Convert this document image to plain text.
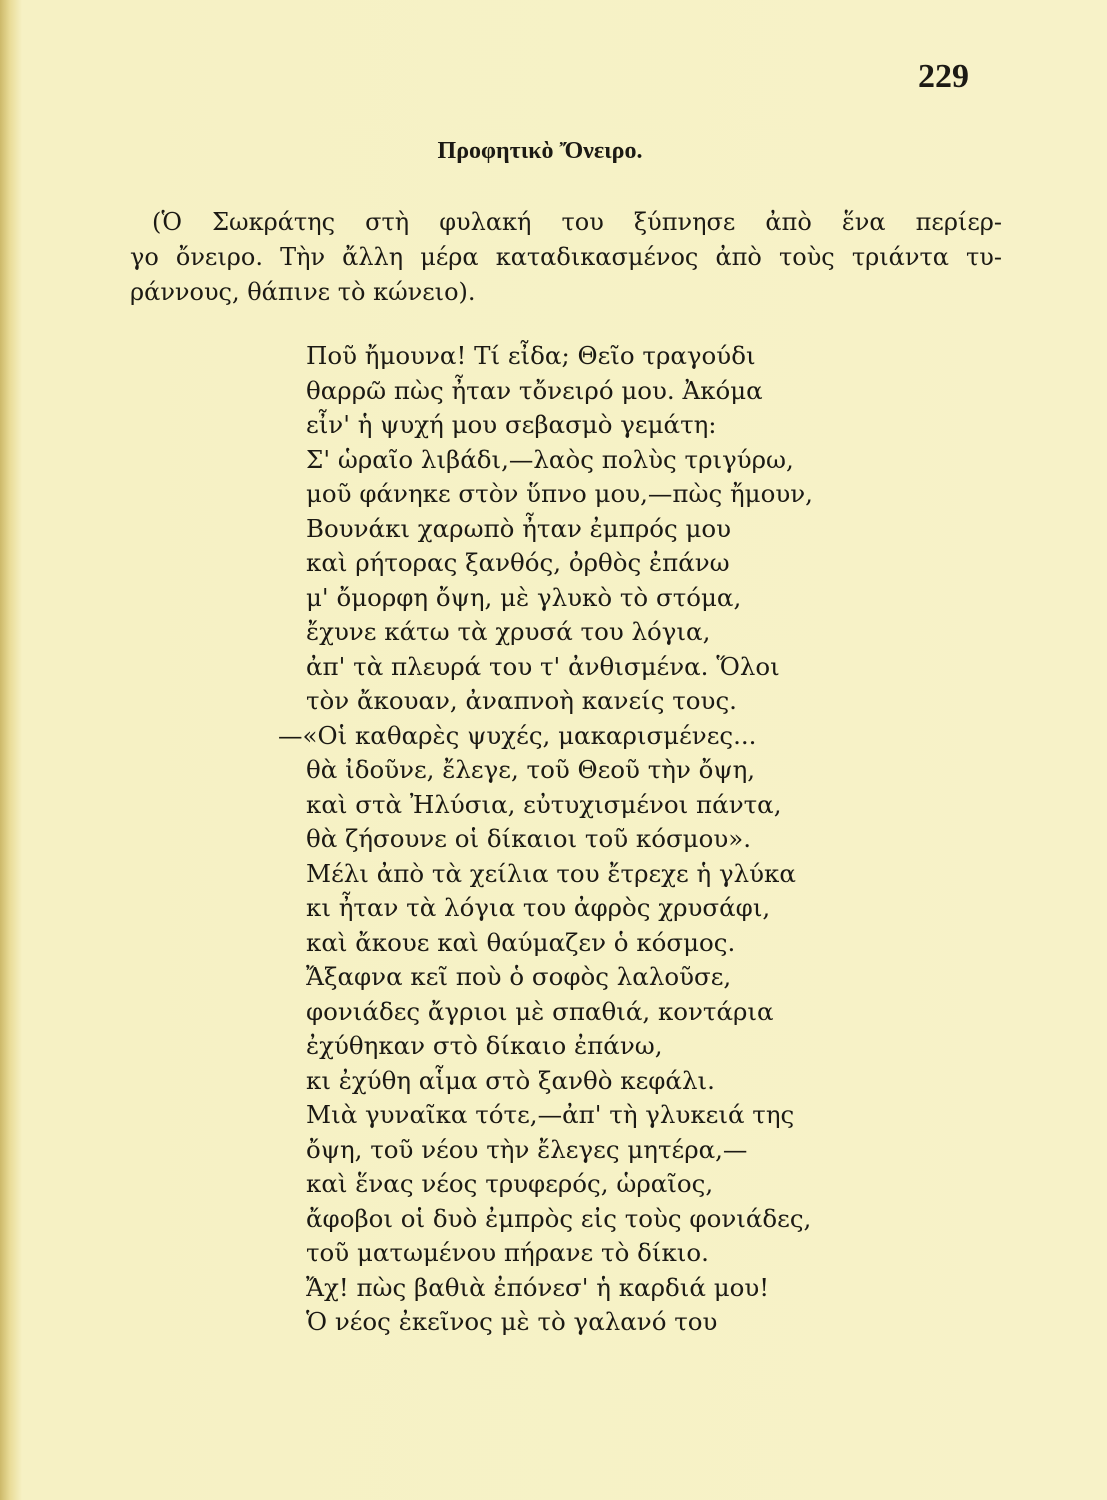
229
Προφητικὸ Ὄνειρο.
(Ὁ Σωκράτης στὴ φυλακή του ξύπνησε ἀπὸ ἕνα περίερ-
γο ὄνειρο. Τὴν ἄλλη μέρα καταδικασμένος ἀπὸ τοὺς τριάντα τυ-
ράννους, θάπινε τὸ κώνειο).
Ποῦ ἤμουνα! Τί εἶδα; Θεῖο τραγούδι
θαρρῶ πὼς ἦταν τὄνειρό μου. Ἀκόμα
εἶν' ἡ ψυχή μου σεβασμὸ γεμάτη:
Σ' ὡραῖο λιβάδι,—λαὸς πολὺς τριγύρω,
μοῦ φάνηκε στὸν ὕπνο μου,—πὼς ἤμουν,
Βουνάκι χαρωπὸ ἦταν ἐμπρός μου
καὶ ρήτορας ξανθός, ὀρθὸς ἐπάνω
μ' ὄμορφη ὄψη, μὲ γλυκὸ τὸ στόμα,
ἔχυνε κάτω τὰ χρυσά του λόγια,
ἀπ' τὰ πλευρά του τ' ἀνθισμένα. Ὅλοι
τὸν ἄκουαν, ἀναπνοὴ κανείς τους.
—«Οἱ καθαρὲς ψυχές, μακαρισμένες...
θὰ ἰδοῦνε, ἔλεγε, τοῦ Θεοῦ τὴν ὄψη,
καὶ στὰ Ἠλύσια, εὐτυχισμένοι πάντα,
θὰ ζήσουνε οἱ δίκαιοι τοῦ κόσμου».
Μέλι ἀπὸ τὰ χείλια του ἔτρεχε ἡ γλύκα
κι ἦταν τὰ λόγια του ἀφρὸς χρυσάφι,
καὶ ἄκουε καὶ θαύμαζεν ὁ κόσμος.
Ἄξαφνα κεῖ ποὺ ὁ σοφὸς λαλοῦσε,
φονιάδες ἄγριοι μὲ σπαθιά, κοντάρια
ἐχύθηκαν στὸ δίκαιο ἐπάνω,
κι ἐχύθη αἷμα στὸ ξανθὸ κεφάλι.
Μιὰ γυναῖκα τότε,—ἀπ' τὴ γλυκειά της
ὄψη, τοῦ νέου τὴν ἔλεγες μητέρα,—
καὶ ἕνας νέος τρυφερός, ὡραῖος,
ἄφοβοι οἱ δυὸ ἐμπρὸς εἰς τοὺς φονιάδες,
τοῦ ματωμένου πήρανε τὸ δίκιο.
Ἄχ! πὼς βαθιὰ ἐπόνεσ' ἡ καρδιά μου!
Ὁ νέος ἐκεῖνος μὲ τὸ γαλανό του
